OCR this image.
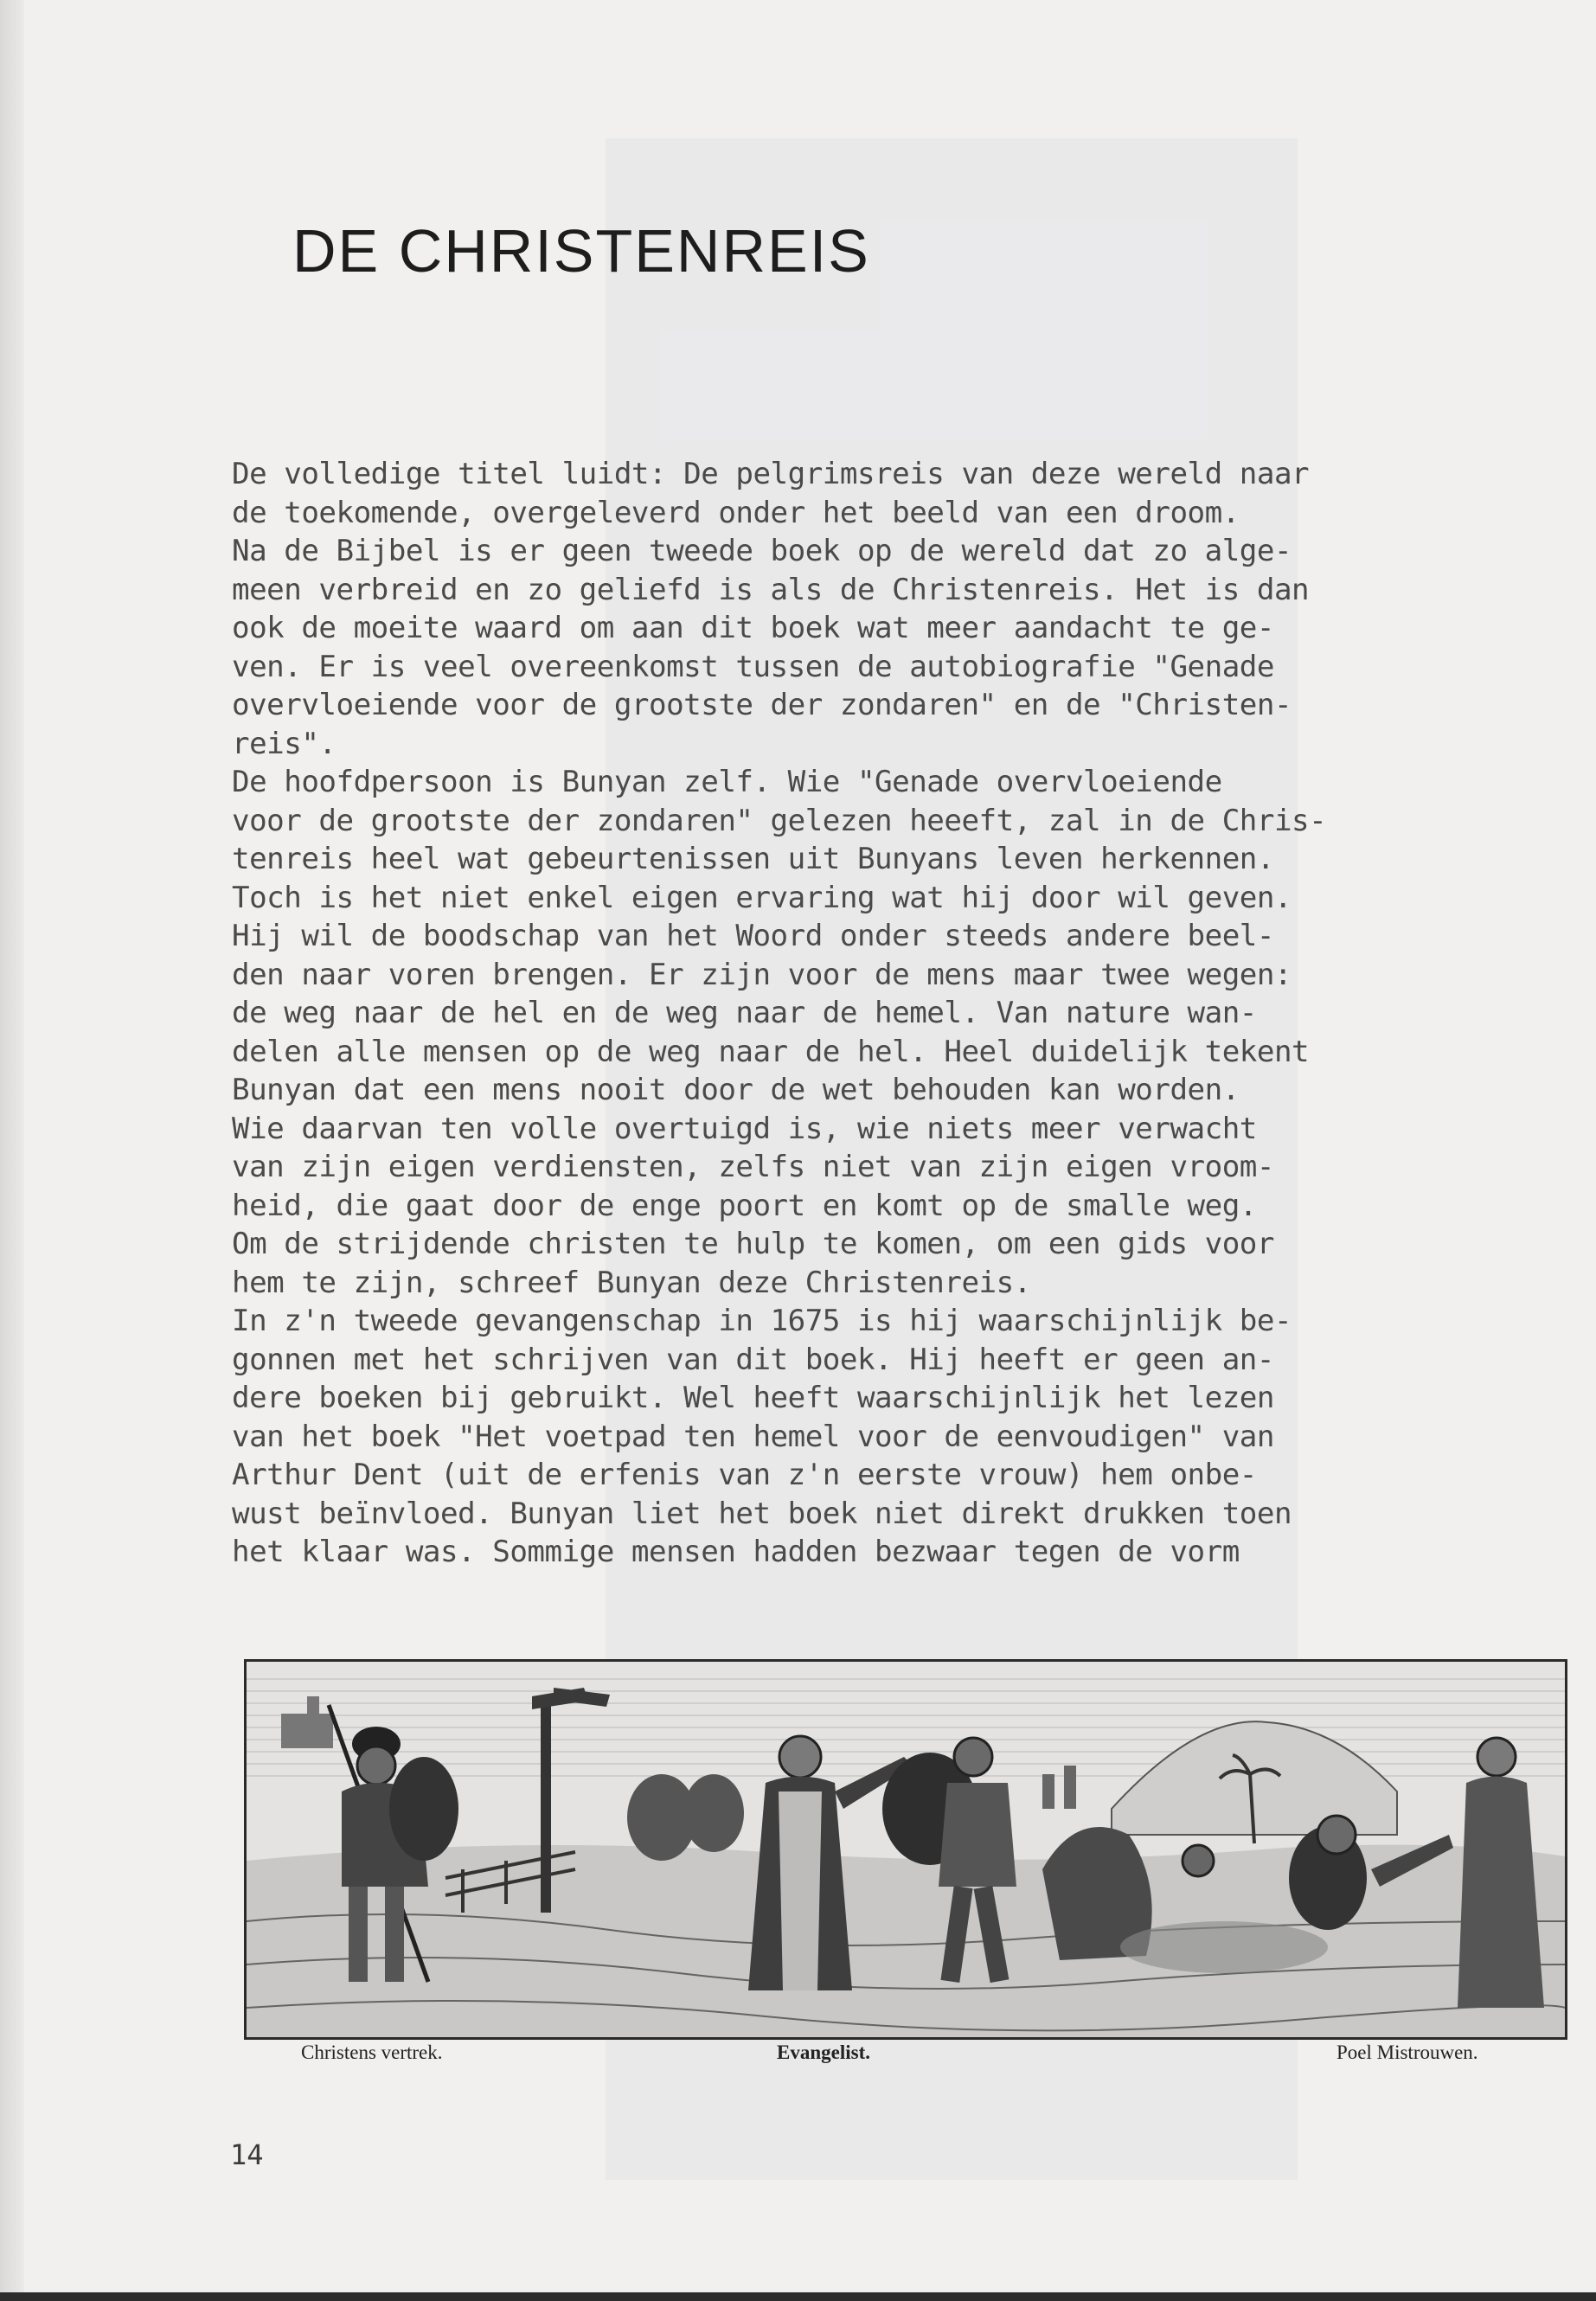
DE CHRISTENREIS
De volledige titel luidt: De pelgrimsreis van deze wereld naar
de toekomende, overgeleverd onder het beeld van een droom.
Na de Bijbel is er geen tweede boek op de wereld dat zo alge-
meen verbreid en zo geliefd is als de Christenreis. Het is dan
ook de moeite waard om aan dit boek wat meer aandacht te ge-
ven. Er is veel overeenkomst tussen de autobiografie "Genade
overvloeiende voor de grootste der zondaren" en de "Christen-
reis".
De hoofdpersoon is Bunyan zelf. Wie "Genade overvloeiende
voor de grootste der zondaren" gelezen heeeft, zal in de Chris-
tenreis heel wat gebeurtenissen uit Bunyans leven herkennen.
Toch is het niet enkel eigen ervaring wat hij door wil geven.
Hij wil de boodschap van het Woord onder steeds andere beel-
den naar voren brengen. Er zijn voor de mens maar twee wegen:
de weg naar de hel en de weg naar de hemel. Van nature wan-
delen alle mensen op de weg naar de hel. Heel duidelijk tekent
Bunyan dat een mens nooit door de wet behouden kan worden.
Wie daarvan ten volle overtuigd is, wie niets meer verwacht
van zijn eigen verdiensten, zelfs niet van zijn eigen vroom-
heid, die gaat door de enge poort en komt op de smalle weg.
Om de strijdende christen te hulp te komen, om een gids voor
hem te zijn, schreef Bunyan deze Christenreis.
In z'n tweede gevangenschap in 1675 is hij waarschijnlijk be-
gonnen met het schrijven van dit boek. Hij heeft er geen an-
dere boeken bij gebruikt. Wel heeft waarschijnlijk het lezen
van het boek "Het voetpad ten hemel voor de eenvoudigen" van
Arthur Dent (uit de erfenis van z'n eerste vrouw) hem onbe-
wust beïnvloed. Bunyan liet het boek niet direkt drukken toen
het klaar was. Sommige mensen hadden bezwaar tegen de vorm
Christens vertrek.	Evangelist.	Poel Mistrouwen.
14
